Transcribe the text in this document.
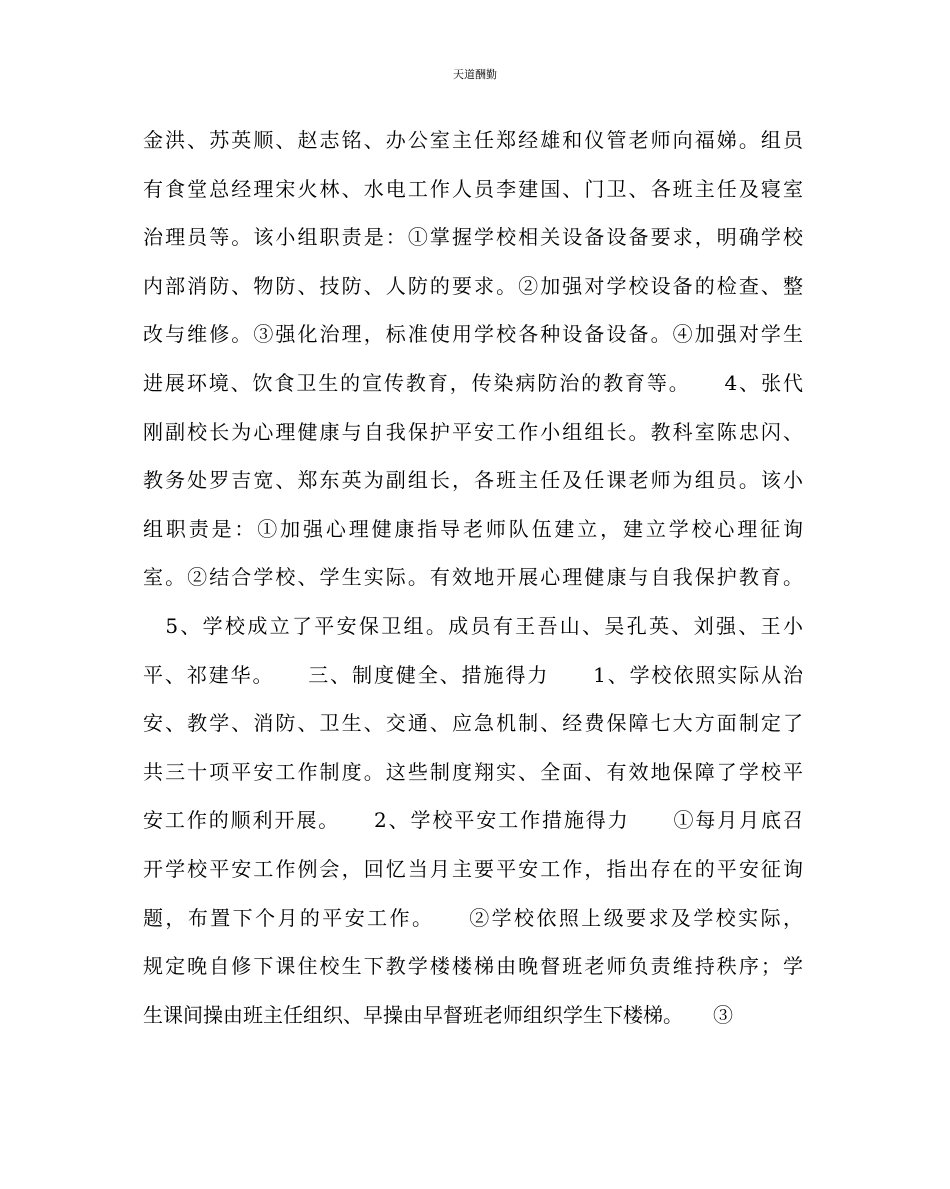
天道酬勤
金洪、苏英顺、赵志铭、办公室主任郑经雄和仪管老师向福娣。组员
有食堂总经理宋火林、水电工作人员李建国、门卫、各班主任及寝室
治理员等。该小组职责是：①掌握学校相关设备设备要求，明确学校
内部消防、物防、技防、人防的要求。②加强对学校设备的检查、整
改与维修。③强化治理，标准使用学校各种设备设备。④加强对学生
进展环境、饮食卫生的宣传教育，传染病防治的教育等。　　4、张代
刚副校长为心理健康与自我保护平安工作小组组长。教科室陈忠闪、
教务处罗吉宽、郑东英为副组长，各班主任及任课老师为组员。该小
组职责是：①加强心理健康指导老师队伍建立，建立学校心理征询
室。②结合学校、学生实际。有效地开展心理健康与自我保护教育。
　5、学校成立了平安保卫组。成员有王吾山、吴孔英、刘强、王小
平、祁建华。　　三、制度健全、措施得力　　1、学校依照实际从治
安、教学、消防、卫生、交通、应急机制、经费保障七大方面制定了
共三十项平安工作制度。这些制度翔实、全面、有效地保障了学校平
安工作的顺利开展。　　2、学校平安工作措施得力　　①每月月底召
开学校平安工作例会，回忆当月主要平安工作，指出存在的平安征询
题，布置下个月的平安工作。　　②学校依照上级要求及学校实际，
规定晚自修下课住校生下教学楼楼梯由晚督班老师负责维持秩序；学
生课间操由班主任组织、早操由早督班老师组织学生下楼梯。　　③
